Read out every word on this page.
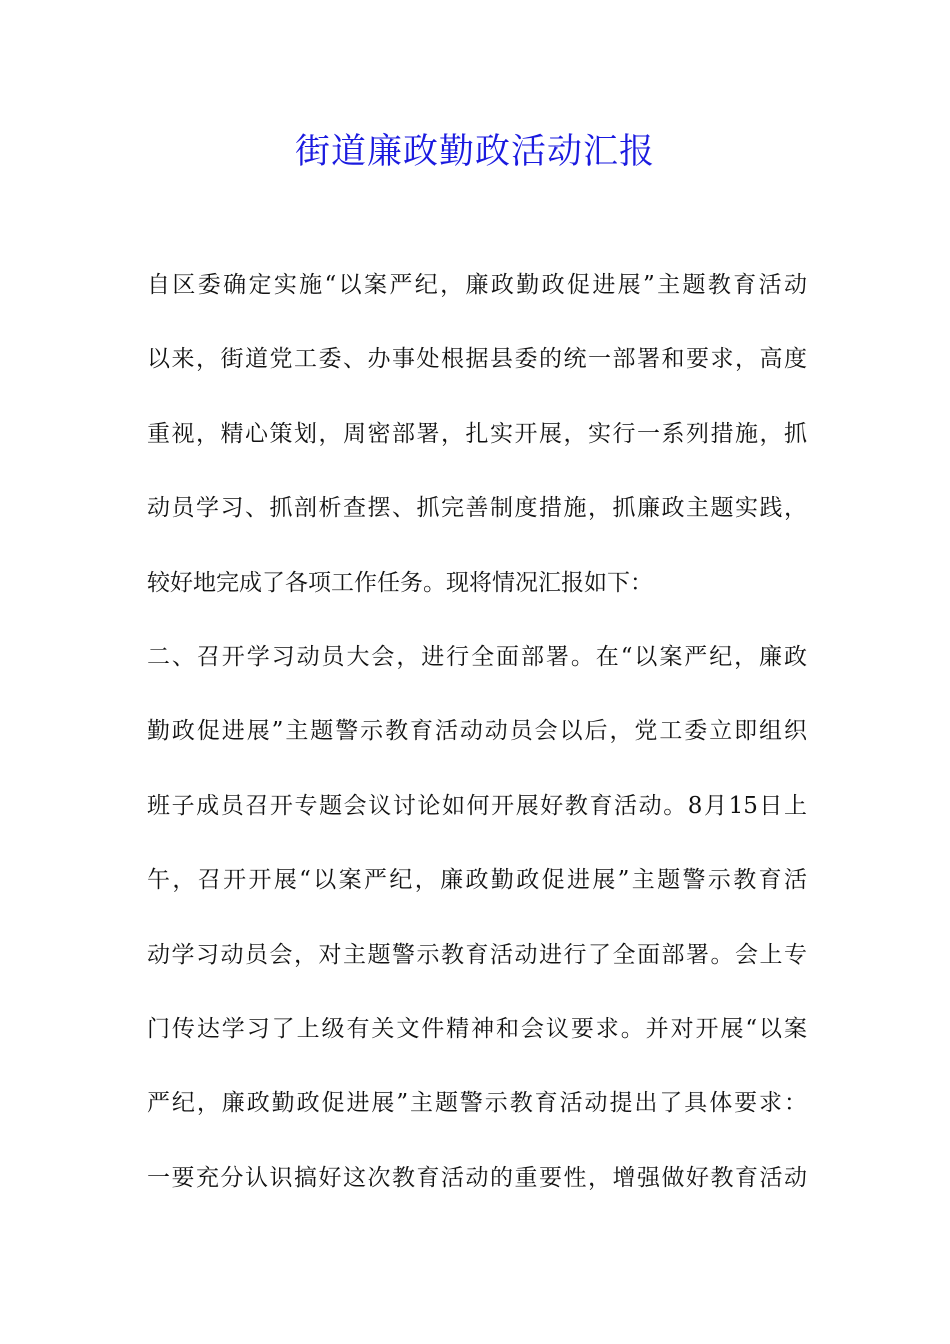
街道廉政勤政活动汇报
自区委确定实施“以案严纪，廉政勤政促进展”主题教育活动
以来，街道党工委、办事处根据县委的统一部署和要求，高度
重视，精心策划，周密部署，扎实开展，实行一系列措施，抓
动员学习、抓剖析查摆、抓完善制度措施，抓廉政主题实践，
较好地完成了各项工作任务。现将情况汇报如下：
二、召开学习动员大会，进行全面部署。在“以案严纪，廉政
勤政促进展”主题警示教育活动动员会以后，党工委立即组织
班子成员召开专题会议讨论如何开展好教育活动。8月15日上
午，召开开展“以案严纪，廉政勤政促进展”主题警示教育活
动学习动员会，对主题警示教育活动进行了全面部署。会上专
门传达学习了上级有关文件精神和会议要求。并对开展“以案
严纪，廉政勤政促进展”主题警示教育活动提出了具体要求：
一要充分认识搞好这次教育活动的重要性，增强做好教育活动
